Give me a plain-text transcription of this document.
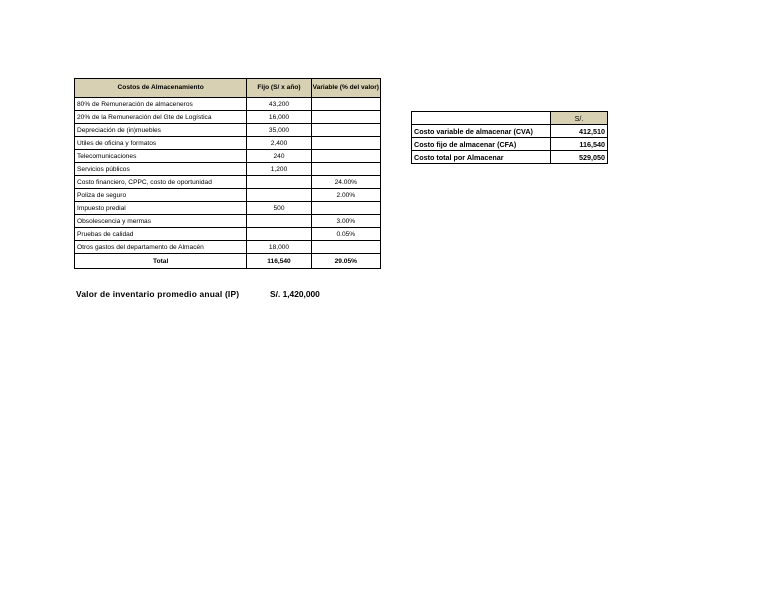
Costos de Almacenamiento	Fijo (S/ x año)	Variable (% del valor)
80% de Remuneración de almaceneros	43,200	
20% de la Remuneración del Gte de Logística	16,000	
Depreciación de (in)muebles	35,000	
Utiles de oficina y formatos	2,400	
Telecomunicaciones	240	
Servicios públicos	1,200	
Costo financiero, CPPC, costo de oportunidad		24.00%
Poliza de seguro		2.00%
Impuesto predial	500	
Obsolescencia y mermas		3.00%
Pruebas de calidad		0.05%
Otros gastos del departamento de Almacén	18,000	
Total	116,540	29.05%
	S/.
Costo variable de almacenar (CVA)	412,510
Costo fijo de almacenar (CFA)	116,540
Costo total por Almacenar	529,050
Valor de inventario promedio anual (IP)	S/. 1,420,000
